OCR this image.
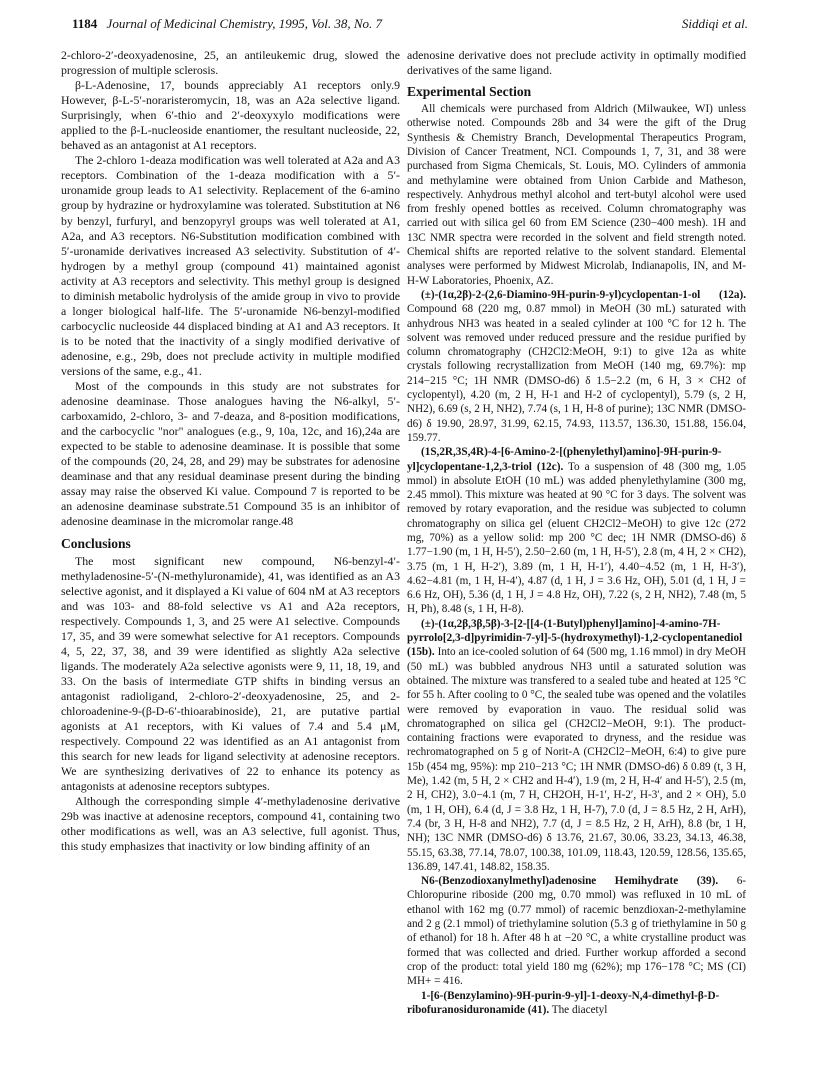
1184 Journal of Medicinal Chemistry, 1995, Vol. 38, No. 7	Siddiqi et al.

2-chloro-2′-deoxyadenosine, 25, an antileukemic drug, slowed the progression of multiple sclerosis.

β-L-Adenosine, 17, bounds appreciably A1 receptors only.9 However, β-L-5′-noraristeromycin, 18, was an A2a selective ligand. Surprisingly, when 6′-thio and 2′-deoxyxylo modifications were applied to the β-L-nucleoside enantiomer, the resultant nucleoside, 22, behaved as an antagonist at A1 receptors.

The 2-chloro 1-deaza modification was well tolerated at A2a and A3 receptors. Combination of the 1-deaza modification with a 5′-uronamide group leads to A1 selectivity. Replacement of the 6-amino group by hydrazine or hydroxylamine was tolerated. Substitution at N6 by benzyl, furfuryl, and benzopyryl groups was well tolerated at A1, A2a, and A3 receptors. N6-Substitution modification combined with 5′-uronamide derivatives increased A3 selectivity. Substitution of 4′-hydrogen by a methyl group (compound 41) maintained agonist activity at A3 receptors and selectivity. This methyl group is designed to diminish metabolic hydrolysis of the amide group in vivo to provide a longer biological half-life. The 5′-uronamide N6-benzyl-modified carbocyclic nucleoside 44 displaced binding at A1 and A3 receptors. It is to be noted that the inactivity of a singly modified derivative of adenosine, e.g., 29b, does not preclude activity in multiple modified versions of the same, e.g., 41.

Most of the compounds in this study are not substrates for adenosine deaminase. Those analogues having the N6-alkyl, 5′-carboxamido, 2-chloro, 3- and 7-deaza, and 8-position modifications, and the carbocyclic "nor" analogues (e.g., 9, 10a, 12c, and 16),24a are expected to be stable to adenosine deaminase. It is possible that some of the compounds (20, 24, 28, and 29) may be substrates for adenosine deaminase and that any residual deaminase present during the binding assay may raise the observed Ki value. Compound 7 is reported to be an adenosine deaminase substrate.51 Compound 35 is an inhibitor of adenosine deaminase in the micromolar range.48

Conclusions

The most significant new compound, N6-benzyl-4′-methyladenosine-5′-(N-methyluronamide), 41, was identified as an A3 selective agonist, and it displayed a Ki value of 604 nM at A3 receptors and was 103- and 88-fold selective vs A1 and A2a receptors, respectively. Compounds 1, 3, and 25 were A1 selective. Compounds 17, 35, and 39 were somewhat selective for A1 receptors. Compounds 4, 5, 22, 37, 38, and 39 were identified as slightly A2a selective ligands. The moderately A2a selective agonists were 9, 11, 18, 19, and 33. On the basis of intermediate GTP shifts in binding versus an antagonist radioligand, 2-chloro-2′-deoxyadenosine, 25, and 2-chloroadenine-9-(β-D-6′-thioarabinoside), 21, are putative partial agonists at A1 receptors, with Ki values of 7.4 and 5.4 μM, respectively. Compound 22 was identified as an A1 antagonist from this search for new leads for ligand selectivity at adenosine receptors. We are synthesizing derivatives of 22 to enhance its potency as antagonists at adenosine receptors subtypes.

Although the corresponding simple 4′-methyladenosine derivative 29b was inactive at adenosine receptors, compound 41, containing two other modifications as well, was an A3 selective, full agonist. Thus, this study emphasizes that inactivity or low binding affinity of an

adenosine derivative does not preclude activity in optimally modified derivatives of the same ligand.

Experimental Section

All chemicals were purchased from Aldrich (Milwaukee, WI) unless otherwise noted. Compounds 28b and 34 were the gift of the Drug Synthesis & Chemistry Branch, Developmental Therapeutics Program, Division of Cancer Treatment, NCI. Compounds 1, 7, 31, and 38 were purchased from Sigma Chemicals, St. Louis, MO. Cylinders of ammonia and methylamine were obtained from Union Carbide and Matheson, respectively. Anhydrous methyl alcohol and tert-butyl alcohol were used from freshly opened bottles as received. Column chromatography was carried out with silica gel 60 from EM Science (230−400 mesh). 1H and 13C NMR spectra were recorded in the solvent and field strength noted. Chemical shifts are reported relative to the solvent standard. Elemental analyses were performed by Midwest Microlab, Indianapolis, IN, and M-H-W Laboratories, Phoenix, AZ.

(±)-(1α,2β)-2-(2,6-Diamino-9H-purin-9-yl)cyclopentan-1-ol (12a). Compound 68 (220 mg, 0.87 mmol) in MeOH (30 mL) saturated with anhydrous NH3 was heated in a sealed cylinder at 100 °C for 12 h. The solvent was removed under reduced pressure and the residue purified by column chromatography (CH2Cl2:MeOH, 9:1) to give 12a as white crystals following recrystallization from MeOH (140 mg, 69.7%): mp 214−215 °C; 1H NMR (DMSO-d6) δ 1.5−2.2 (m, 6 H, 3 × CH2 of cyclopentyl), 4.20 (m, 2 H, H-1 and H-2 of cyclopentyl), 5.79 (s, 2 H, NH2), 6.69 (s, 2 H, NH2), 7.74 (s, 1 H, H-8 of purine); 13C NMR (DMSO-d6) δ 19.90, 28.97, 31.99, 62.15, 74.93, 113.57, 136.30, 151.88, 156.04, 159.77.

(1S,2R,3S,4R)-4-[6-Amino-2-[(phenylethyl)amino]-9H-purin-9-yl]cyclopentane-1,2,3-triol (12c). To a suspension of 48 (300 mg, 1.05 mmol) in absolute EtOH (10 mL) was added phenylethylamine (300 mg, 2.45 mmol). This mixture was heated at 90 °C for 3 days. The solvent was removed by rotary evaporation, and the residue was subjected to column chromatography on silica gel (eluent CH2Cl2−MeOH) to give 12c (272 mg, 70%) as a yellow solid: mp 200 °C dec; 1H NMR (DMSO-d6) δ 1.77−1.90 (m, 1 H, H-5′), 2.50−2.60 (m, 1 H, H-5′), 2.8 (m, 4 H, 2 × CH2), 3.75 (m, 1 H, H-2′), 3.89 (m, 1 H, H-1′), 4.40−4.52 (m, 1 H, H-3′), 4.62−4.81 (m, 1 H, H-4′), 4.87 (d, 1 H, J = 3.6 Hz, OH), 5.01 (d, 1 H, J = 6.6 Hz, OH), 5.36 (d, 1 H, J = 4.8 Hz, OH), 7.22 (s, 2 H, NH2), 7.48 (m, 5 H, Ph), 8.48 (s, 1 H, H-8).

(±)-(1α,2β,3β,5β)-3-[2-[[4-(1-Butyl)phenyl]amino]-4-amino-7H-pyrrolo[2,3-d]pyrimidin-7-yl]-5-(hydroxymethyl)-1,2-cyclopentanediol (15b). Into an ice-cooled solution of 64 (500 mg, 1.16 mmol) in dry MeOH (50 mL) was bubbled anydrous NH3 until a saturated solution was obtained. The mixture was transfered to a sealed tube and heated at 125 °C for 55 h. After cooling to 0 °C, the sealed tube was opened and the volatiles were removed by evaporation in vauo. The residual solid was chromatographed on silica gel (CH2Cl2−MeOH, 9:1). The product-containing fractions were evaporated to dryness, and the residue was rechromatographed on 5 g of Norit-A (CH2Cl2−MeOH, 6:4) to give pure 15b (454 mg, 95%): mp 210−213 °C; 1H NMR (DMSO-d6) δ 0.89 (t, 3 H, Me), 1.42 (m, 5 H, 2 × CH2 and H-4′), 1.9 (m, 2 H, H-4′ and H-5′), 2.5 (m, 2 H, CH2), 3.0−4.1 (m, 7 H, CH2OH, H-1′, H-2′, H-3′, and 2 × OH), 5.0 (m, 1 H, OH), 6.4 (d, J = 3.8 Hz, 1 H, H-7), 7.0 (d, J = 8.5 Hz, 2 H, ArH), 7.4 (br, 3 H, H-8 and NH2), 7.7 (d, J = 8.5 Hz, 2 H, ArH), 8.8 (br, 1 H, NH); 13C NMR (DMSO-d6) δ 13.76, 21.67, 30.06, 33.23, 34.13, 46.38, 55.15, 63.38, 77.14, 78.07, 100.38, 101.09, 118.43, 120.59, 128.56, 135.65, 136.89, 147.41, 148.82, 158.35.

N6-(Benzodioxanylmethyl)adenosine Hemihydrate (39). 6-Chloropurine riboside (200 mg, 0.70 mmol) was refluxed in 10 mL of ethanol with 162 mg (0.77 mmol) of racemic benzdioxan-2-methylamine and 2 g (2.1 mmol) of triethylamine solution (5.3 g of triethylamine in 50 g of ethanol) for 18 h. After 48 h at −20 °C, a white crystalline product was formed that was collected and dried. Further workup afforded a second crop of the product: total yield 180 mg (62%); mp 176−178 °C; MS (CI) MH+ = 416.

1-[6-(Benzylamino)-9H-purin-9-yl]-1-deoxy-N,4-dimethyl-β-D-ribofuranosiduronamide (41). The diacetyl
